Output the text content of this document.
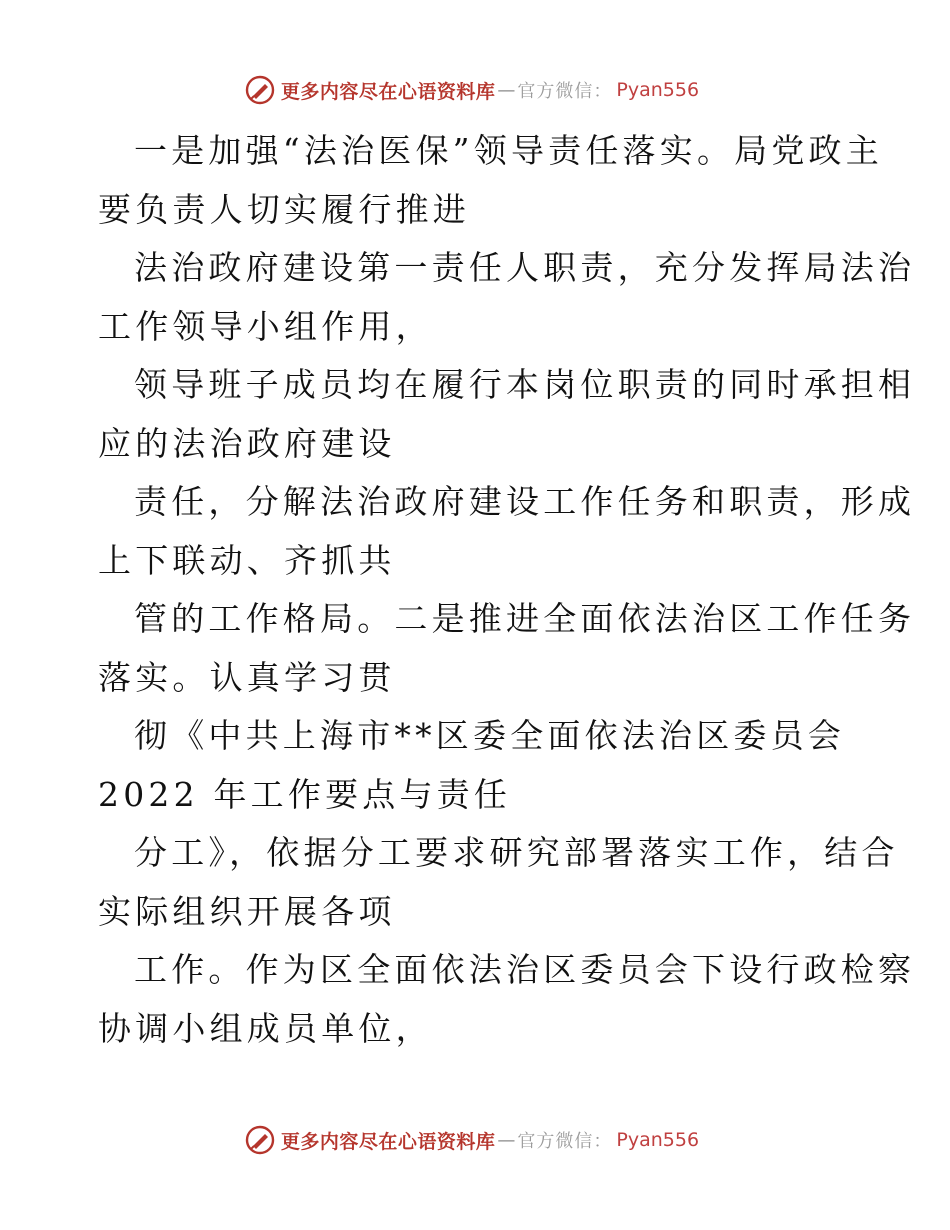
更多内容尽在心语资料库 — 官方微信： Pyan556

一是加强“法治医保”领导责任落实。局党政主
要负责人切实履行推进

法治政府建设第一责任人职责，充分发挥局法治
工作领导小组作用，

领导班子成员均在履行本岗位职责的同时承担相
应的法治政府建设

责任，分解法治政府建设工作任务和职责，形成
上下联动、齐抓共

管的工作格局。二是推进全面依法治区工作任务
落实。认真学习贯

彻《中共上海市**区委全面依法治区委员会
2022 年工作要点与责任

分工》，依据分工要求研究部署落实工作，结合
实际组织开展各项

工作。作为区全面依法治区委员会下设行政检察
协调小组成员单位，

更多内容尽在心语资料库 — 官方微信： Pyan556
